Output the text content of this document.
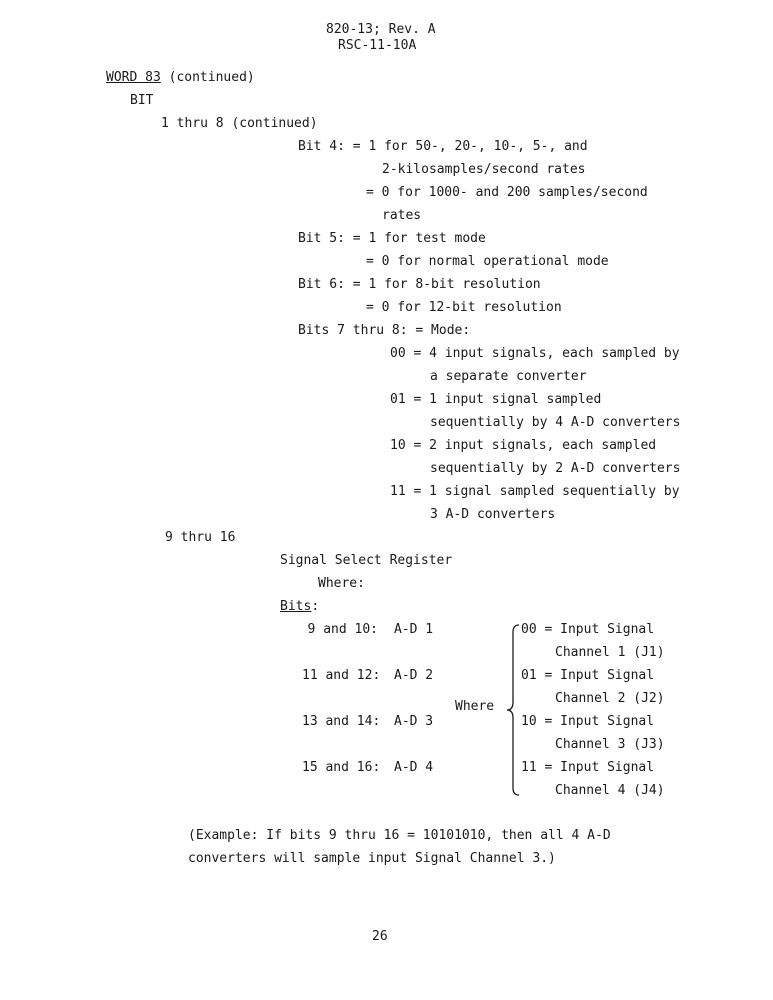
820-13; Rev. A
RSC-11-10A
WORD 83 (continued)
BIT
1 thru 8 (continued)
Bit 4: = 1 for 50-, 20-, 10-, 5-, and
2-kilosamples/second rates
= 0 for 1000- and 200 samples/second
rates
Bit 5: = 1 for test mode
= 0 for normal operational mode
Bit 6: = 1 for 8-bit resolution
= 0 for 12-bit resolution
Bits 7 thru 8: = Mode:
00 = 4 input signals, each sampled by
a separate converter
01 = 1 input signal sampled
sequentially by 4 A-D converters
10 = 2 input signals, each sampled
sequentially by 2 A-D converters
11 = 1 signal sampled sequentially by
3 A-D converters
9 thru 16
Signal Select Register
Where:
Bits:
9 and 10: A-D 1
11 and 12: A-D 2
13 and 14: A-D 3
15 and 16: A-D 4
Where
00 = Input Signal
Channel 1 (J1)
01 = Input Signal
Channel 2 (J2)
10 = Input Signal
Channel 3 (J3)
11 = Input Signal
Channel 4 (J4)
(Example: If bits 9 thru 16 = 10101010, then all 4 A-D
converters will sample input Signal Channel 3.)
26
